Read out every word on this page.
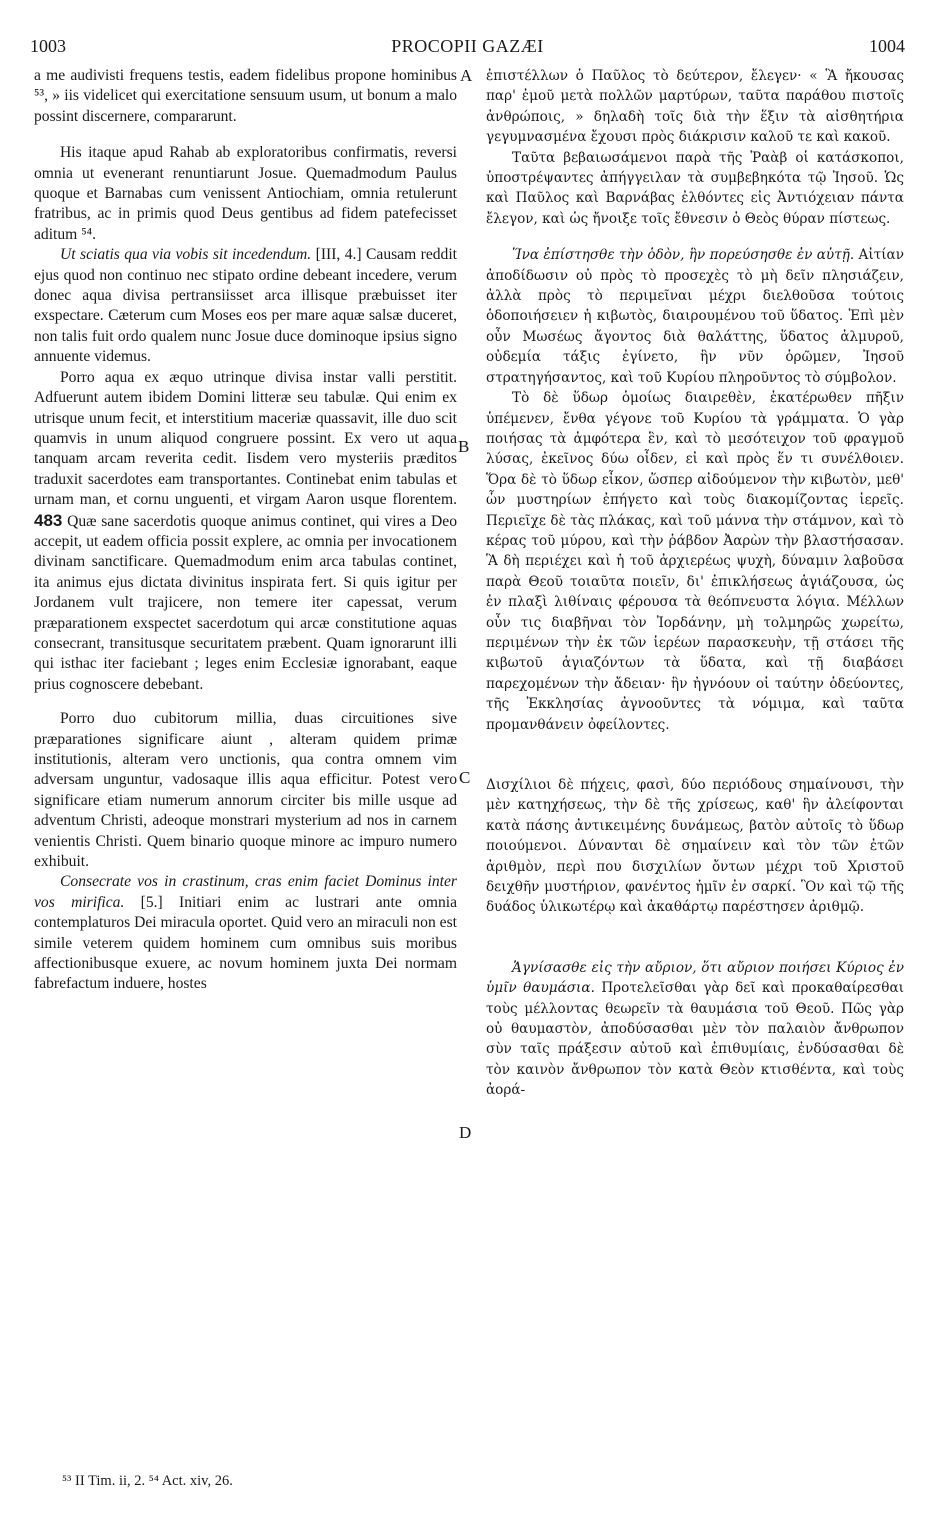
1003	PROCOPII GAZÆI	1004
A
B
C
D

a me audivisti frequens testis, eadem fidelibus propone hominibus ⁵³, » iis videlicet qui exercitatione sensuum usum, ut bonum a malo possint discernere, compararunt.

His itaque apud Rahab ab exploratoribus confirmatis, reversi omnia ut evenerant renuntiarunt Josue. Quemadmodum Paulus quoque et Barnabas cum venissent Antiochiam, omnia retulerunt fratribus, ac in primis quod Deus gentibus ad fidem patefecisset aditum ⁵⁴.

Ut sciatis qua via vobis sit incedendum. [III, 4.] Causam reddit ejus quod non continuo nec stipato ordine debeant incedere, verum donec aqua divisa pertransiisset arca illisque præbuisset iter exspectare. Cæterum cum Moses eos per mare aquæ salsæ duceret, non talis fuit ordo qualem nunc Josue duce dominoque ipsius signo annuente videmus.

Porro aqua ex æquo utrinque divisa instar valli perstitit. Adfuerunt autem ibidem Domini litteræ seu tabulæ. Qui enim ex utrisque unum fecit, et interstitium maceriæ quassavit, ille duo scit quamvis in unum aliquod congruere possint. Ех vero ut aqua tanquam arcam reverita cedit. Iisdem vero mysteriis præditos traduxit sacerdotes eam transportantes. Continebat enim tabulas et urnam man, et cornu unguenti, et virgam Aaron usque florentem. 483 Quæ sane sacerdotis quoque animus continet, qui vires a Deo accepit, ut eadem officia possit explere, ac omnia per invocationem divinam sanctificare. Quemadmodum enim arca tabulas continet, ita animus ejus dictata divinitus inspirata fert. Si quis igitur per Jordanem vult trajicere, non temere iter capessat, verum præparationem exspectet sacerdotum qui arcæ constitutione aquas consecrant, transitusque securitatem præbent. Quam ignorarunt illi qui isthac iter faciebant ; leges enim Ecclesiæ ignorabant, eaque prius cognoscere debebant.

Porro duo cubitorum millia, duas circuitiones sive præparationes significare aiunt , alteram quidem primæ institutionis, alteram vero unctionis, qua contra omnem vim adversam unguntur, vadosaque illis aqua efficitur. Potest vero significare etiam numerum annorum circiter bis mille usque ad adventum Christi, adeoque monstrari mysterium ad nos in carnem venientis Christi. Quem binario quoque minore ac impuro numero exhibuit.

Consecrate vos in crastinum, cras enim faciet Dominus inter vos mirifica. [5.] Initiari enim ac lustrari ante omnia contemplaturos Dei miracula oportet. Quid vero an miraculi non est simile veterem quidem hominem cum omnibus suis moribus affectionibusque exuere, ac novum hominem juxta Dei normam fabrefactum induere, hostes

ἐπιστέλλων ὁ Παῦλος τὸ δεύτερον, ἔλεγεν· « Ἃ ἤκουσας παρ' ἐμοῦ μετὰ πολλῶν μαρτύρων, ταῦτα παράθου πιστοῖς ἀνθρώποις, » δηλαδὴ τοῖς διὰ τὴν ἕξιν τὰ αἰσθητήρια γεγυμνασμένα ἔχουσι πρὸς διάκρισιν καλοῦ τε καὶ κακοῦ.

Ταῦτα βεβαιωσάμενοι παρὰ τῆς Ῥαὰβ οἱ κατάσκοποι, ὑποστρέψαντες ἀπήγγειλαν τὰ συμβεβηκότα τῷ Ἰησοῦ. Ὡς καὶ Παῦλος καὶ Βαρνάβας ἐλθόντες εἰς Ἀντιόχειαν πάντα ἔλεγον, καὶ ὡς ἤνοιξε τοῖς ἔθνεσιν ὁ Θεὸς θύραν πίστεως.

Ἵνα ἐπίστησθε τὴν ὁδὸν, ἣν πορεύσησθε ἐν αὐτῇ. Αἰτίαν ἀποδίδωσιν οὐ πρὸς τὸ προσεχὲς τὸ μὴ δεῖν πλησιάζειν, ἀλλὰ πρὸς τὸ περιμεῖναι μέχρι διελθοῦσα τούτοις ὁδοποιήσειεν ἡ κιβωτὸς, διαιρουμένου τοῦ ὕδατος. Ἐπὶ μὲν οὖν Μωσέως ἄγοντος διὰ θαλάττης, ὕδατος ἁλμυροῦ, οὐδεμία τάξις ἐγίνετο, ἣν νῦν ὁρῶμεν, Ἰησοῦ στρατηγήσαντος, καὶ τοῦ Κυρίου πληροῦντος τὸ σύμβολον.

Τὸ δὲ ὕδωρ ὁμοίως διαιρεθὲν, ἑκατέρωθεν πῆξιν ὑπέμενεν, ἔνθα γέγονε τοῦ Κυρίου τὰ γράμματα. Ὁ γὰρ ποιήσας τὰ ἀμφότερα ἓν, καὶ τὸ μεσότειχον τοῦ φραγμοῦ λύσας, ἐκεῖνος δύω οἶδεν, εἰ καὶ πρὸς ἕν τι συνέλθοιεν. Ὅρα δὲ τὸ ὕδωρ εἶκον, ὥσπερ αἰδούμενον τὴν κιβωτὸν, μεθ' ὧν μυστηρίων ἐπήγετο καὶ τοὺς διακομίζοντας ἱερεῖς. Περιεῖχε δὲ τὰς πλάκας, καὶ τοῦ μάννα τὴν στάμνον, καὶ τὸ κέρας τοῦ μύρου, καὶ τὴν ῥάβδον Ἀαρὼν τὴν βλαστήσασαν. Ἃ δὴ περιέχει καὶ ἡ τοῦ ἀρχιερέως ψυχὴ, δύναμιν λαβοῦσα παρὰ Θεοῦ τοιαῦτα ποιεῖν, δι' ἐπικλήσεως ἁγιάζουσα, ὡς ἐν πλαξὶ λιθίναις φέρουσα τὰ θεόπνευστα λόγια. Μέλλων οὖν τις διαβῆναι τὸν Ἰορδάνην, μὴ τολμηρῶς χωρείτω, περιμένων τὴν ἐκ τῶν ἱερέων παρασκευὴν, τῇ στάσει τῆς κιβωτοῦ ἁγιαζόντων τὰ ὕδατα, καὶ τῇ διαβάσει παρεχομένων τὴν ἄδειαν· ἣν ἠγνόουν οἱ ταύτην ὁδεύοντες, τῆς Ἐκκλησίας ἀγνοοῦντες τὰ νόμιμα, καὶ ταῦτα προμανθάνειν ὀφείλοντες.

Δισχίλιοι δὲ πήχεις, φασὶ, δύο περιόδους σημαίνουσι, τὴν μὲν κατηχήσεως, τὴν δὲ τῆς χρίσεως, καθ' ἣν ἀλείφονται κατὰ πάσης ἀντικειμένης δυνάμεως, βατὸν αὐτοῖς τὸ ὕδωρ ποιούμενοι. Δύνανται δὲ σημαίνειν καὶ τὸν τῶν ἐτῶν ἀριθμὸν, περὶ που δισχιλίων ὄντων μέχρι τοῦ Χριστοῦ δειχθῆν μυστήριον, φανέντος ἡμῖν ἐν σαρκί. Ὃν καὶ τῷ τῆς δυάδος ὑλικωτέρῳ καὶ ἀκαθάρτῳ παρέστησεν ἀριθμῷ.

Ἁγνίσασθε εἰς τὴν αὔριον, ὅτι αὔριον ποιήσει Κύριος ἐν ὑμῖν θαυμάσια. Προτελεῖσθαι γὰρ δεῖ καὶ προκαθαίρεσθαι τοὺς μέλλοντας θεωρεῖν τὰ θαυμάσια τοῦ Θεοῦ. Πῶς γὰρ οὐ θαυμαστὸν, ἀποδύσασθαι μὲν τὸν παλαιὸν ἄνθρωπον σὺν ταῖς πράξεσιν αὐτοῦ καὶ ἐπιθυμίαις, ἐνδύσασθαι δὲ τὸν καινὸν ἄνθρωπον τὸν κατὰ Θεὸν κτισθέντα, καὶ τοὺς ἀορά-

⁵³ II Tim. ii, 2. ⁵⁴ Act. xiv, 26.
